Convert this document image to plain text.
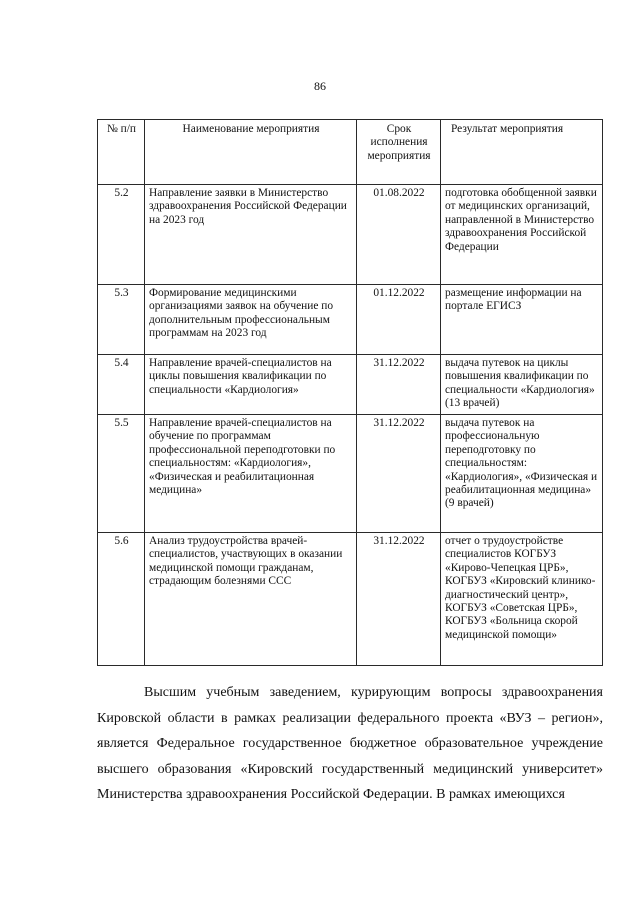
86
№ п/п	Наименование мероприятия	Срок исполнения мероприятия	Результат мероприятия
5.2	Направление заявки в Министерство здравоохранения Российской Федерации на 2023 год	01.08.2022	подготовка обобщенной заявки от медицинских организаций, направленной в Министерство здравоохранения Российской Федерации
5.3	Формирование медицинскими организациями заявок на обучение по дополнительным профессиональным программам на 2023 год	01.12.2022	размещение информации на портале ЕГИСЗ
5.4	Направление врачей-специалистов на циклы повышения квалификации по специальности «Кардиология»	31.12.2022	выдача путевок на циклы повышения квалификации по специальности «Кардиология» (13 врачей)
5.5	Направление врачей-специалистов на обучение по программам профессиональной переподготовки по специальностям: «Кардиология», «Физическая и реабилитационная медицина»	31.12.2022	выдача путевок на профессиональную переподготовку по специальностям: «Кардиология», «Физическая и реабилитационная медицина» (9 врачей)
5.6	Анализ трудоустройства врачей-специалистов, участвующих в оказании медицинской помощи гражданам, страдающим болезнями ССС	31.12.2022	отчет о трудоустройстве специалистов КОГБУЗ «Кирово-Чепецкая ЦРБ», КОГБУЗ «Кировский клинико-диагностический центр», КОГБУЗ «Советская ЦРБ», КОГБУЗ «Больница скорой медицинской помощи»

Высшим учебным заведением, курирующим вопросы здравоохранения Кировской области в рамках реализации федерального проекта «ВУЗ – регион», является Федеральное государственное бюджетное образовательное учреждение высшего образования «Кировский государственный медицинский университет» Министерства здравоохранения Российской Федерации. В рамках имеющихся
